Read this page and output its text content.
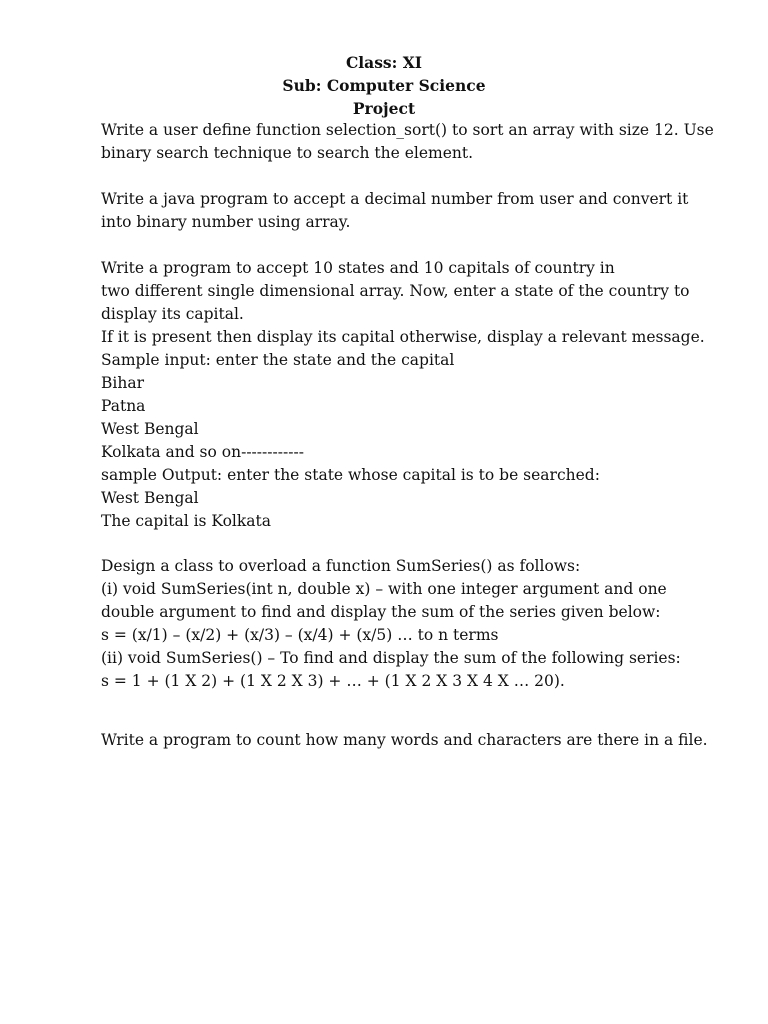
Class: XI
Sub: Computer Science
Project
Write a user define function selection_sort() to sort an array with size 12. Use
binary search technique to search the element.
Write a java program to accept a decimal number from user and convert it
into binary number using array.
Write a program to accept 10 states and 10 capitals of country in
two different single dimensional array. Now, enter a state of the country to
display its capital.
If it is present then display its capital otherwise, display a relevant message.
Sample input: enter the state and the capital
Bihar
Patna
West Bengal
Kolkata and so on------------
sample Output: enter the state whose capital is to be searched:
West Bengal
The capital is Kolkata
Design a class to overload a function SumSeries() as follows:
(i) void SumSeries(int n, double x) – with one integer argument and one
double argument to find and display the sum of the series given below:
s = (x/1) – (x/2) + (x/3) – (x/4) + (x/5) … to n terms
(ii) void SumSeries() – To find and display the sum of the following series:
s = 1 + (1 X 2) + (1 X 2 X 3) + … + (1 X 2 X 3 X 4 X … 20).
Write a program to count how many words and characters are there in a file.
